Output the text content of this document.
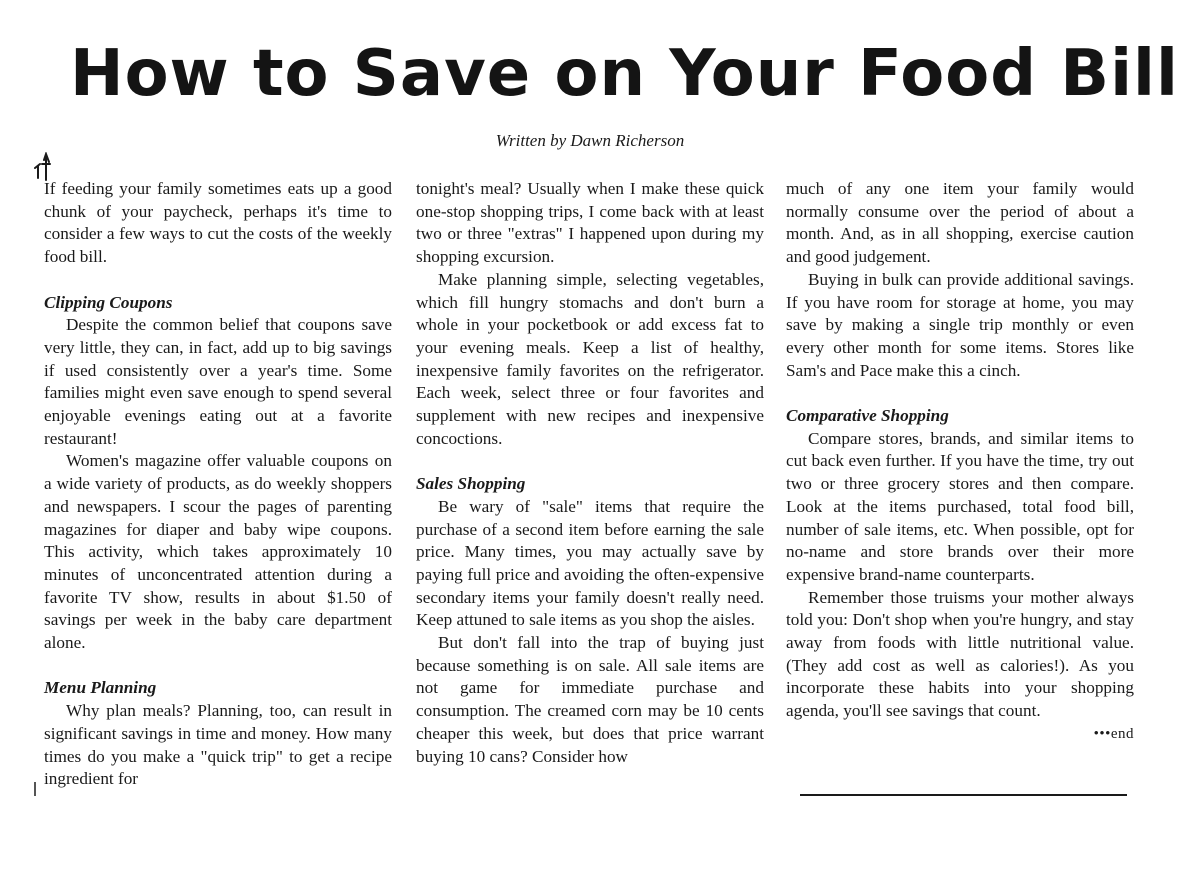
How to Save on Your Food Bill
Written by Dawn Richerson

If feeding your family sometimes eats up a good chunk of your paycheck, perhaps it's time to consider a few ways to cut the costs of the weekly food bill.

Clipping Coupons

Despite the common belief that coupons save very little, they can, in fact, add up to big savings if used consistently over a year's time. Some families might even save enough to spend several enjoyable evenings eating out at a favorite restaurant!

Women's magazine offer valuable coupons on a wide variety of products, as do weekly shoppers and newspapers. I scour the pages of parenting magazines for diaper and baby wipe coupons. This activity, which takes approximately 10 minutes of unconcentrated attention during a favorite TV show, results in about $1.50 of savings per week in the baby care department alone.

Menu Planning

Why plan meals? Planning, too, can result in significant savings in time and money. How many times do you make a "quick trip" to get a recipe ingredient for

tonight's meal? Usually when I make these quick one-stop shopping trips, I come back with at least two or three "extras" I happened upon during my shopping excursion.

Make planning simple, selecting vegetables, which fill hungry stomachs and don't burn a whole in your pocketbook or add excess fat to your evening meals. Keep a list of healthy, inexpensive family favorites on the refrigerator. Each week, select three or four favorites and supplement with new recipes and inexpensive concoctions.

Sales Shopping

Be wary of "sale" items that require the purchase of a second item before earning the sale price. Many times, you may actually save by paying full price and avoiding the often-expensive secondary items your family doesn't really need. Keep attuned to sale items as you shop the aisles.

But don't fall into the trap of buying just because something is on sale. All sale items are not game for immediate purchase and consumption. The creamed corn may be 10 cents cheaper this week, but does that price warrant buying 10 cans? Consider how

much of any one item your family would normally consume over the period of about a month. And, as in all shopping, exercise caution and good judgement.

Buying in bulk can provide additional savings. If you have room for storage at home, you may save by making a single trip monthly or even every other month for some items. Stores like Sam's and Pace make this a cinch.

Comparative Shopping

Compare stores, brands, and similar items to cut back even further. If you have the time, try out two or three grocery stores and then compare. Look at the items purchased, total food bill, number of sale items, etc. When possible, opt for no-name and store brands over their more expensive brand-name counterparts.

Remember those truisms your mother always told you: Don't shop when you're hungry, and stay away from foods with little nutritional value. (They add cost as well as calories!). As you incorporate these habits into your shopping agenda, you'll see savings that count.

•••end
